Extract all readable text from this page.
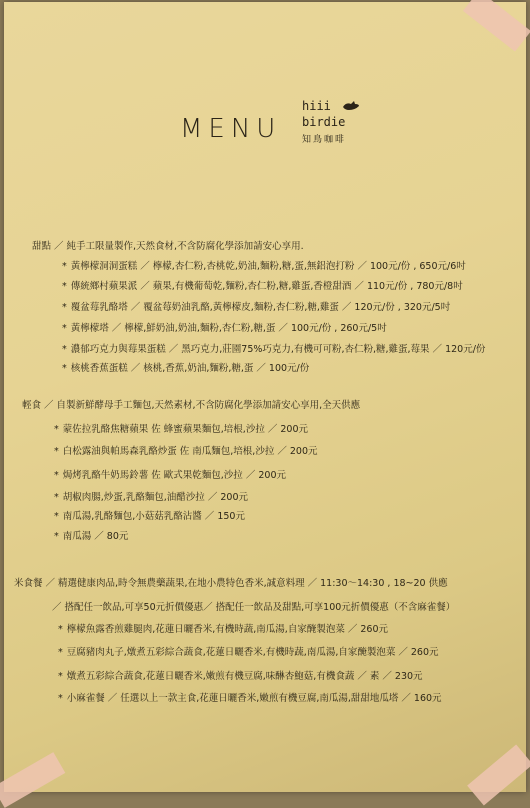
MENU
hiii
birdie
知鳥咖啡
甜點 ／ 純手工限量製作,天然食材,不含防腐化學添加請安心享用.
* 黃檸檬洞洞蛋糕 ／ 檸檬,杏仁粉,杏桃乾,奶油,麵粉,糖,蛋,無鋁泡打粉 ／ 100元/份 , 650元/6吋
* 傳統鄉村蘋果派 ／ 蘋果,有機葡萄乾,麵粉,杏仁粉,糖,雞蛋,香橙甜酒 ／ 110元/份 , 780元/8吋
* 覆盆莓乳酪塔 ／ 覆盆莓奶油乳酪,黃檸檬皮,麵粉,杏仁粉,糖,雞蛋 ／ 120元/份 , 320元/5吋
* 黃檸檬塔 ／ 檸檬,鮮奶油,奶油,麵粉,杏仁粉,糖,蛋 ／ 100元/份 , 260元/5吋
* 濃郁巧克力與莓果蛋糕 ／ 黑巧克力,莊園75%巧克力,有機可可粉,杏仁粉,糖,雞蛋,莓果 ／ 120元/份
* 核桃香蕉蛋糕 ／ 核桃,香蕉,奶油,麵粉,糖,蛋 ／ 100元/份
輕食 ／ 自製新鮮酵母手工麵包,天然素材,不含防腐化學添加請安心享用,全天供應
* 蒙佐拉乳酪焦糖蘋果 佐 蜂蜜蘋果麵包,培根,沙拉 ／ 200元
* 白松露油與帕馬森乳酪炒蛋 佐 南瓜麵包,培根,沙拉 ／ 200元
* 焗烤乳酪牛奶馬鈴薯 佐 歐式果乾麵包,沙拉 ／ 200元
* 胡椒肉腸,炒蛋,乳酪麵包,油醋沙拉 ／ 200元
* 南瓜湯,乳酪麵包,小菇菇乳酪沾醬 ／ 150元
* 南瓜湯 ／ 80元
米食餐 ／ 精選健康肉品,時令無農藥蔬果,在地小農特色香米,誠意料理 ／ 11:30～14:30 , 18~20 供應
／ 搭配任一飲品,可享50元折價優惠／ 搭配任一飲品及甜點,可享100元折價優惠（不含麻雀餐）
* 檸檬魚露香煎雞腿肉,花蓮日曬香米,有機時蔬,南瓜湯,自家醃製泡菜 ／ 260元
* 豆腐豬肉丸子,燉煮五彩綜合蔬食,花蓮日曬香米,有機時蔬,南瓜湯,自家醃製泡菜 ／ 260元
* 燉煮五彩綜合蔬食,花蓮日曬香米,嫩煎有機豆腐,味醂杏鮑菇,有機食蔬 ／ 素 ／ 230元
* 小麻雀餐 ／ 任選以上一款主食,花蓮日曬香米,嫩煎有機豆腐,南瓜湯,甜甜地瓜塔 ／ 160元
